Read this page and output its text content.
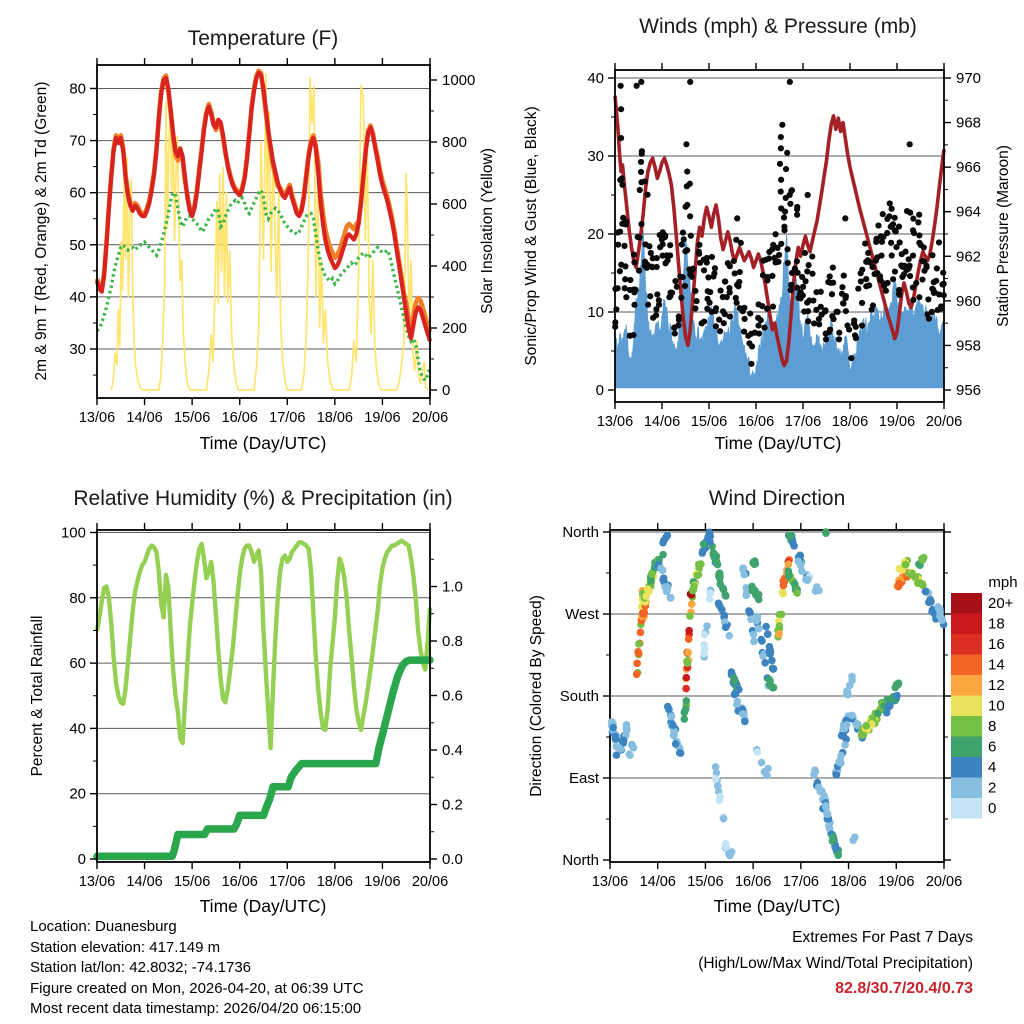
13/06 14/06 15/06 16/06 17/06 18/06 19/06 20/06
30
40
50
60
70
80
0
200
400
600
800
1000
2m & 9m T (Red, Orange) & 2m Td (Green)	Solar Insolation (Yellow)
13/06 14/06 15/06 16/06 17/06 18/06 19/06 20/06
0
10
20
30
40
956
958
960
962
964
966
968
970
Sonic/Prop Wind & Gust (Blue, Black)	Station Pressure (Maroon)
13/06 14/06 15/06 16/06 17/06 18/06 19/06 20/06
0
20
40
60
80
100
0.0
0.2
0.4
0.6
0.8
1.0
Percent & Total Rainfall
13/06 14/06 15/06 16/06 17/06 18/06 19/06 20/06
North
West
South
East
North
Direction (Colored By Speed)
mph
20+
18
16
14
12
10
8
6
4
2
0
Temperature (F)
Winds (mph) & Pressure (mb)
Relative Humidity (%) & Precipitation (in)	Wind Direction
Time (Day/UTC)	Time (Day/UTC)
Time (Day/UTC)	Time (Day/UTC)
Location: Duanesburg
Station elevation: 417.149 m
Station lat/lon: 42.8032; -74.1736
Figure created on Mon, 2026-04-20, at 06:39 UTC
Most recent data timestamp: 2026/04/20 06:15:00
Extremes For Past 7 Days
(High/Low/Max Wind/Total Precipitation)
82.8/30.7/20.4/0.73
